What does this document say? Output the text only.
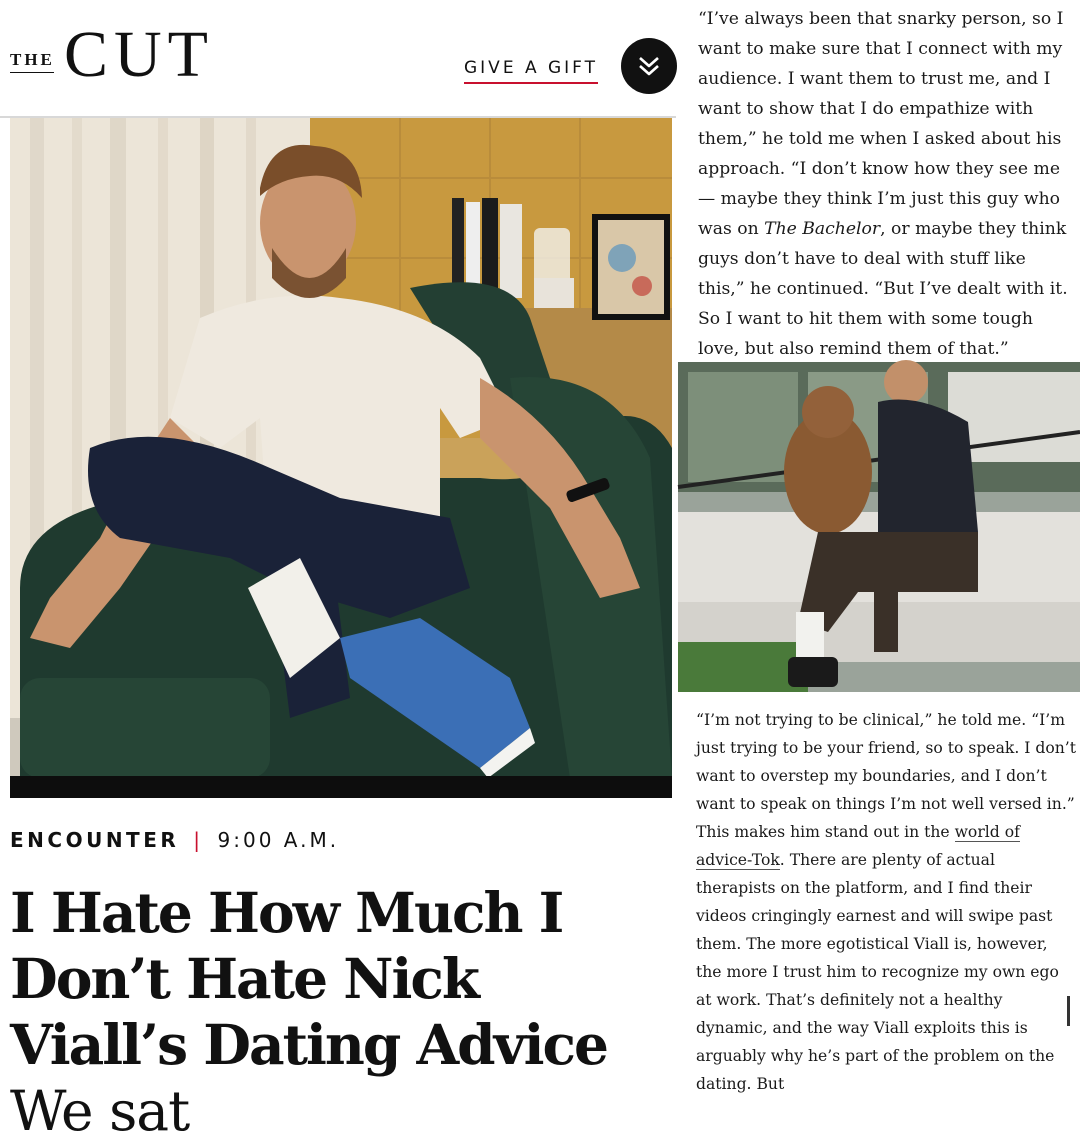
THE CUT	GIVE A GIFT
ENCOUNTER | 9:00 A.M.
I Hate How Much I Don’t Hate Nick Viall’s Dating Advice  We sat

“I’ve always been that snarky person, so I want to make sure that I connect with my audience. I want them to trust me, and I want to show that I do empathize with them,” he told me when I asked about his approach. “I don’t know how they see me — maybe they think I’m just this guy who was on The Bachelor, or maybe they think guys don’t have to deal with stuff like this,” he continued. “But I’ve dealt with it. So I want to hit them with some tough love, but also remind them of that.”

“I’m not trying to be clinical,” he told me. “I’m just trying to be your friend, so to speak. I don’t want to overstep my boundaries, and I don’t want to speak on things I’m not well versed in.” This makes him stand out in the world of advice-Tok. There are plenty of actual therapists on the platform, and I find their videos cringingly earnest and will swipe past them. The more egotistical Viall is, however, the more I trust him to recognize my own ego at work. That’s definitely not a healthy dynamic, and the way Viall exploits this is arguably why he’s part of the problem on the dating. But
